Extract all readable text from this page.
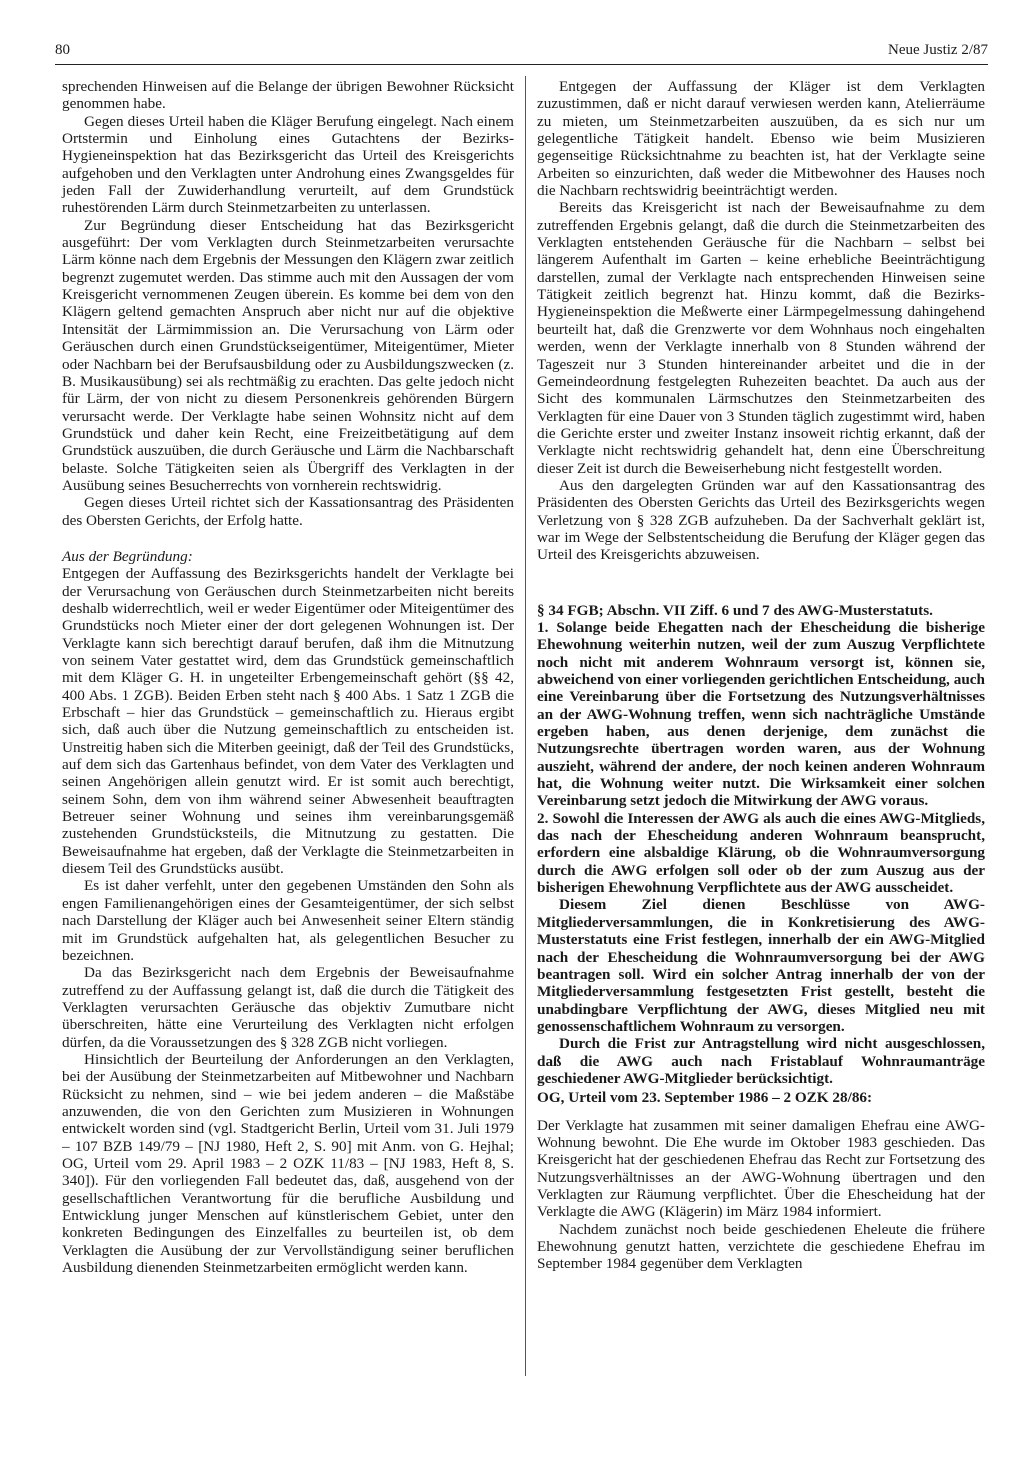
80	Neue Justiz 2/87

sprechenden Hinweisen auf die Belange der übrigen Bewohner Rücksicht genommen habe.

Gegen dieses Urteil haben die Kläger Berufung eingelegt. Nach einem Ortstermin und Einholung eines Gutachtens der Bezirks-Hygieneinspektion hat das Bezirksgericht das Urteil des Kreisgerichts aufgehoben und den Verklagten unter Androhung eines Zwangsgeldes für jeden Fall der Zuwiderhandlung verurteilt, auf dem Grundstück ruhestörenden Lärm durch Steinmetzarbeiten zu unterlassen.

Zur Begründung dieser Entscheidung hat das Bezirksgericht ausgeführt: Der vom Verklagten durch Steinmetzarbeiten verursachte Lärm könne nach dem Ergebnis der Messungen den Klägern zwar zeitlich begrenzt zugemutet werden. Das stimme auch mit den Aussagen der vom Kreisgericht vernommenen Zeugen überein. Es komme bei dem von den Klägern geltend gemachten Anspruch aber nicht nur auf die objektive Intensität der Lärmimmission an. Die Verursachung von Lärm oder Geräuschen durch einen Grundstückseigentümer, Miteigentümer, Mieter oder Nachbarn bei der Berufsausbildung oder zu Ausbildungszwecken (z. B. Musikausübung) sei als rechtmäßig zu erachten. Das gelte jedoch nicht für Lärm, der von nicht zu diesem Personenkreis gehörenden Bürgern verursacht werde. Der Verklagte habe seinen Wohnsitz nicht auf dem Grundstück und daher kein Recht, eine Freizeitbetätigung auf dem Grundstück auszuüben, die durch Geräusche und Lärm die Nachbarschaft belaste. Solche Tätigkeiten seien als Übergriff des Verklagten in der Ausübung seines Besucherrechts von vornherein rechtswidrig.

Gegen dieses Urteil richtet sich der Kassationsantrag des Präsidenten des Obersten Gerichts, der Erfolg hatte.

Aus der Begründung:

Entgegen der Auffassung des Bezirksgerichts handelt der Verklagte bei der Verursachung von Geräuschen durch Steinmetzarbeiten nicht bereits deshalb widerrechtlich, weil er weder Eigentümer oder Miteigentümer des Grundstücks noch Mieter einer der dort gelegenen Wohnungen ist. Der Verklagte kann sich berechtigt darauf berufen, daß ihm die Mitnutzung von seinem Vater gestattet wird, dem das Grundstück gemeinschaftlich mit dem Kläger G. H. in ungeteilter Erbengemeinschaft gehört (§§ 42, 400 Abs. 1 ZGB). Beiden Erben steht nach § 400 Abs. 1 Satz 1 ZGB die Erbschaft – hier das Grundstück – gemeinschaftlich zu. Hieraus ergibt sich, daß auch über die Nutzung gemeinschaftlich zu entscheiden ist. Unstreitig haben sich die Miterben geeinigt, daß der Teil des Grundstücks, auf dem sich das Gartenhaus befindet, von dem Vater des Verklagten und seinen Angehörigen allein genutzt wird. Er ist somit auch berechtigt, seinem Sohn, dem von ihm während seiner Abwesenheit beauftragten Betreuer seiner Wohnung und seines ihm vereinbarungsgemäß zustehenden Grundstücksteils, die Mitnutzung zu gestatten. Die Beweisaufnahme hat ergeben, daß der Verklagte die Steinmetzarbeiten in diesem Teil des Grundstücks ausübt.

Es ist daher verfehlt, unter den gegebenen Umständen den Sohn als engen Familienangehörigen eines der Gesamteigentümer, der sich selbst nach Darstellung der Kläger auch bei Anwesenheit seiner Eltern ständig mit im Grundstück aufgehalten hat, als gelegentlichen Besucher zu bezeichnen.

Da das Bezirksgericht nach dem Ergebnis der Beweisaufnahme zutreffend zu der Auffassung gelangt ist, daß die durch die Tätigkeit des Verklagten verursachten Geräusche das objektiv Zumutbare nicht überschreiten, hätte eine Verurteilung des Verklagten nicht erfolgen dürfen, da die Voraussetzungen des § 328 ZGB nicht vorliegen.

Hinsichtlich der Beurteilung der Anforderungen an den Verklagten, bei der Ausübung der Steinmetzarbeiten auf Mitbewohner und Nachbarn Rücksicht zu nehmen, sind – wie bei jedem anderen – die Maßstäbe anzuwenden, die von den Gerichten zum Musizieren in Wohnungen entwickelt worden sind (vgl. Stadtgericht Berlin, Urteil vom 31. Juli 1979 – 107 BZB 149/79 – [NJ 1980, Heft 2, S. 90] mit Anm. von G. Hejhal; OG, Urteil vom 29. April 1983 – 2 OZK 11/83 – [NJ 1983, Heft 8, S. 340]). Für den vorliegenden Fall bedeutet das, daß, ausgehend von der gesellschaftlichen Verantwortung für die berufliche Ausbildung und Entwicklung junger Menschen auf künstlerischem Gebiet, unter den konkreten Bedingungen des Einzelfalles zu beurteilen ist, ob dem Verklagten die Ausübung der zur Vervollständigung seiner beruflichen Ausbildung dienenden Steinmetzarbeiten ermöglicht werden kann.

Entgegen der Auffassung der Kläger ist dem Verklagten zuzustimmen, daß er nicht darauf verwiesen werden kann, Atelierräume zu mieten, um Steinmetzarbeiten auszuüben, da es sich nur um gelegentliche Tätigkeit handelt. Ebenso wie beim Musizieren gegenseitige Rücksichtnahme zu beachten ist, hat der Verklagte seine Arbeiten so einzurichten, daß weder die Mitbewohner des Hauses noch die Nachbarn rechtswidrig beeinträchtigt werden.

Bereits das Kreisgericht ist nach der Beweisaufnahme zu dem zutreffenden Ergebnis gelangt, daß die durch die Steinmetzarbeiten des Verklagten entstehenden Geräusche für die Nachbarn – selbst bei längerem Aufenthalt im Garten – keine erhebliche Beeinträchtigung darstellen, zumal der Verklagte nach entsprechenden Hinweisen seine Tätigkeit zeitlich begrenzt hat. Hinzu kommt, daß die Bezirks-Hygieneinspektion die Meßwerte einer Lärmpegelmessung dahingehend beurteilt hat, daß die Grenzwerte vor dem Wohnhaus noch eingehalten werden, wenn der Verklagte innerhalb von 8 Stunden während der Tageszeit nur 3 Stunden hintereinander arbeitet und die in der Gemeindeordnung festgelegten Ruhezeiten beachtet. Da auch aus der Sicht des kommunalen Lärmschutzes den Steinmetzarbeiten des Verklagten für eine Dauer von 3 Stunden täglich zugestimmt wird, haben die Gerichte erster und zweiter Instanz insoweit richtig erkannt, daß der Verklagte nicht rechtswidrig gehandelt hat, denn eine Überschreitung dieser Zeit ist durch die Beweiserhebung nicht festgestellt worden.

Aus den dargelegten Gründen war auf den Kassationsantrag des Präsidenten des Obersten Gerichts das Urteil des Bezirksgerichts wegen Verletzung von § 328 ZGB aufzuheben. Da der Sachverhalt geklärt ist, war im Wege der Selbstentscheidung die Berufung der Kläger gegen das Urteil des Kreisgerichts abzuweisen.

§ 34 FGB; Abschn. VII Ziff. 6 und 7 des AWG-Musterstatuts.

1. Solange beide Ehegatten nach der Ehescheidung die bisherige Ehewohnung weiterhin nutzen, weil der zum Auszug Verpflichtete noch nicht mit anderem Wohnraum versorgt ist, können sie, abweichend von einer vorliegenden gerichtlichen Entscheidung, auch eine Vereinbarung über die Fortsetzung des Nutzungsverhältnisses an der AWG-Wohnung treffen, wenn sich nachträgliche Umstände ergeben haben, aus denen derjenige, dem zunächst die Nutzungsrechte übertragen worden waren, aus der Wohnung auszieht, während der andere, der noch keinen anderen Wohnraum hat, die Wohnung weiter nutzt. Die Wirksamkeit einer solchen Vereinbarung setzt jedoch die Mitwirkung der AWG voraus.

2. Sowohl die Interessen der AWG als auch die eines AWG-Mitglieds, das nach der Ehescheidung anderen Wohnraum beansprucht, erfordern eine alsbaldige Klärung, ob die Wohnraumversorgung durch die AWG erfolgen soll oder ob der zum Auszug aus der bisherigen Ehewohnung Verpflichtete aus der AWG ausscheidet.

Diesem Ziel dienen Beschlüsse von AWG-Mitgliederversammlungen, die in Konkretisierung des AWG-Musterstatuts eine Frist festlegen, innerhalb der ein AWG-Mitglied nach der Ehescheidung die Wohnraumversorgung bei der AWG beantragen soll. Wird ein solcher Antrag innerhalb der von der Mitgliederversammlung festgesetzten Frist gestellt, besteht die unabdingbare Verpflichtung der AWG, dieses Mitglied neu mit genossenschaftlichem Wohnraum zu versorgen.

Durch die Frist zur Antragstellung wird nicht ausgeschlossen, daß die AWG auch nach Fristablauf Wohnraumanträge geschiedener AWG-Mitglieder berücksichtigt.

OG, Urteil vom 23. September 1986 – 2 OZK 28/86:

Der Verklagte hat zusammen mit seiner damaligen Ehefrau eine AWG-Wohnung bewohnt. Die Ehe wurde im Oktober 1983 geschieden. Das Kreisgericht hat der geschiedenen Ehefrau das Recht zur Fortsetzung des Nutzungsverhältnisses an der AWG-Wohnung übertragen und den Verklagten zur Räumung verpflichtet. Über die Ehescheidung hat der Verklagte die AWG (Klägerin) im März 1984 informiert.

Nachdem zunächst noch beide geschiedenen Eheleute die frühere Ehewohnung genutzt hatten, verzichtete die geschiedene Ehefrau im September 1984 gegenüber dem Verklagten
